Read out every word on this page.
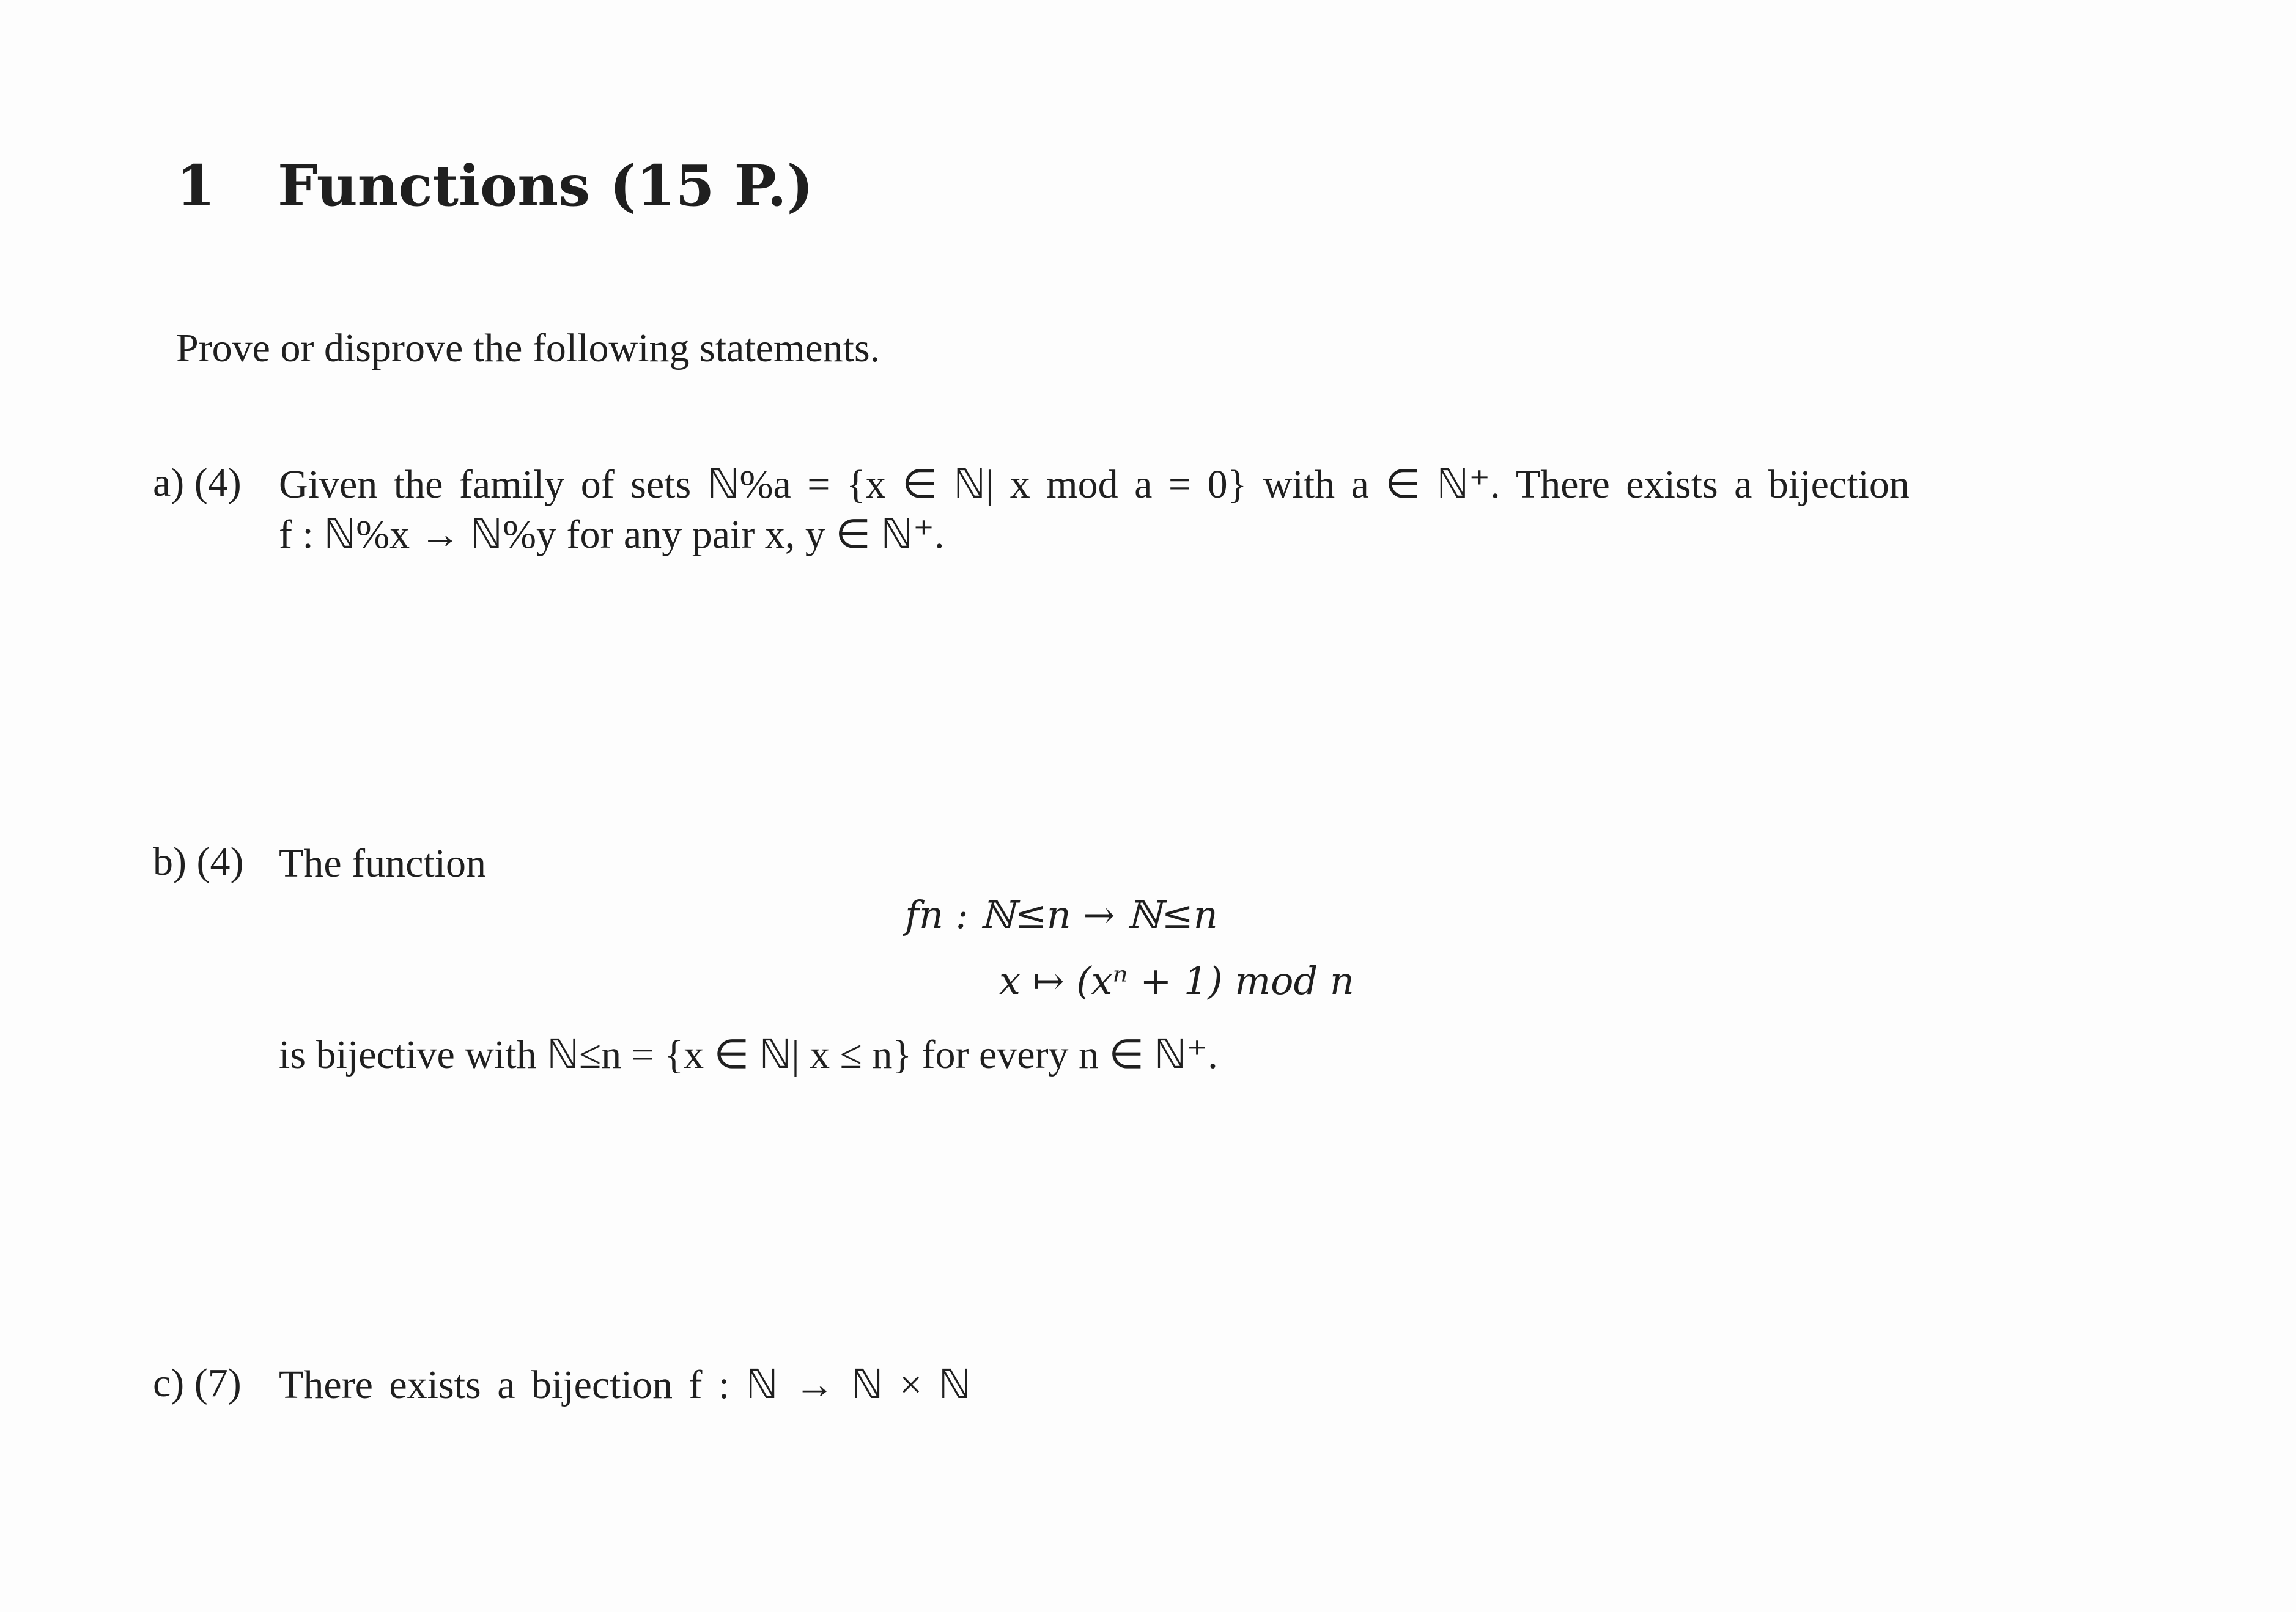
1 Functions (15 P.)
Prove or disprove the following statements.
a) (4) Given the family of sets ℕ%a = {x ∈ ℕ| x mod a = 0} with a ∈ ℕ⁺. There exists a bijection
f : ℕ%x → ℕ%y for any pair x, y ∈ ℕ⁺.
b) (4) The function
fn : ℕ≤n → ℕ≤n
x ↦ (xⁿ + 1) mod n
is bijective with ℕ≤n = {x ∈ ℕ| x ≤ n} for every n ∈ ℕ⁺.
c) (7) There exists a bijection f : ℕ → ℕ × ℕ
